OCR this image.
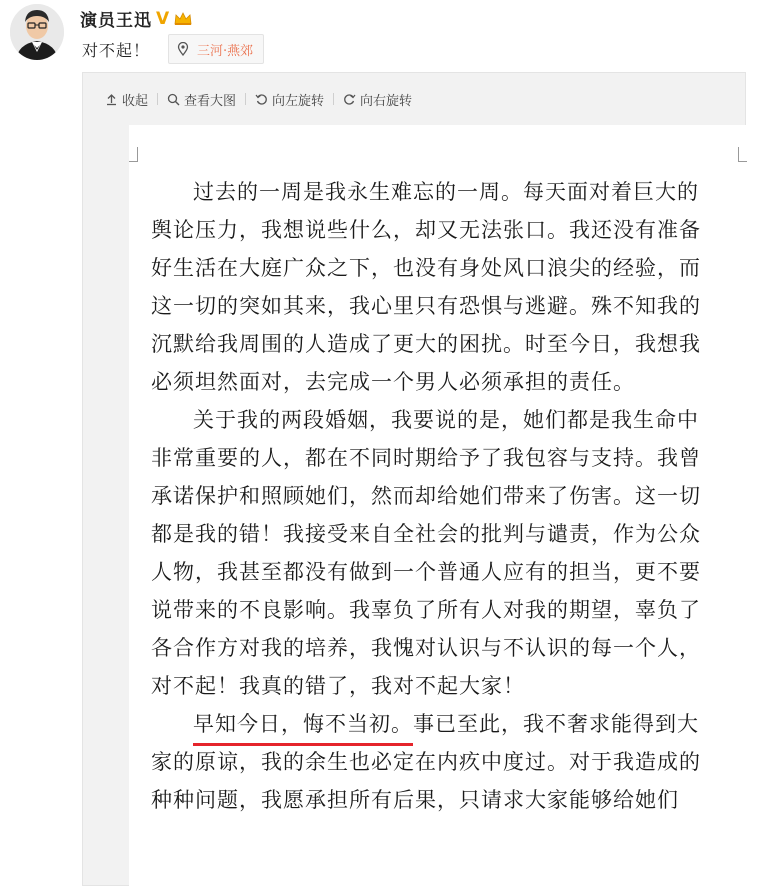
演员王迅 V
对不起！	三河·燕郊
收起	查看大图	向左旋转	向右旋转
过去的一周是我永生难忘的一周。每天面对着巨大的
舆论压力，我想说些什么，却又无法张口。我还没有准备
好生活在大庭广众之下，也没有身处风口浪尖的经验，而
这一切的突如其来，我心里只有恐惧与逃避。殊不知我的
沉默给我周围的人造成了更大的困扰。时至今日，我想我
必须坦然面对，去完成一个男人必须承担的责任。
关于我的两段婚姻，我要说的是，她们都是我生命中
非常重要的人，都在不同时期给予了我包容与支持。我曾
承诺保护和照顾她们，然而却给她们带来了伤害。这一切
都是我的错！我接受来自全社会的批判与谴责，作为公众
人物，我甚至都没有做到一个普通人应有的担当，更不要
说带来的不良影响。我辜负了所有人对我的期望，辜负了
各合作方对我的培养，我愧对认识与不认识的每一个人，
对不起！我真的错了，我对不起大家！
早知今日，悔不当初。事已至此，我不奢求能得到大
家的原谅，我的余生也必定在内疚中度过。对于我造成的
种种问题，我愿承担所有后果，只请求大家能够给她们
